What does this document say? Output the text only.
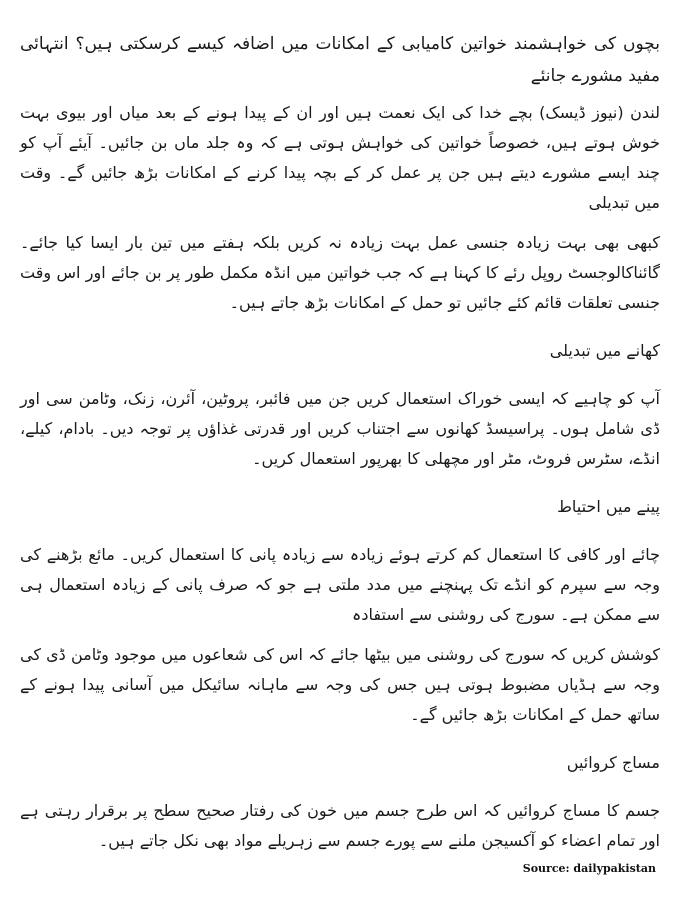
بچوں کی خواہشمند خواتین کامیابی کے امکانات میں اضافہ کیسے کرسکتی ہیں؟ انتہائی مفید مشورے جانئے

لندن (نیوز ڈیسک) بچے خدا کی ایک نعمت ہیں اور ان کے پیدا ہونے کے بعد میاں اور بیوی بہت خوش ہوتے ہیں، خصوصاً خواتین کی خواہش ہوتی ہے کہ وہ جلد ماں بن جائیں۔ آیئے آپ کو چند ایسے مشورے دیتے ہیں جن پر عمل کر کے بچہ پیدا کرنے کے امکانات بڑھ جائیں گے۔ وقت میں تبدیلی

کبھی بھی بہت زیادہ جنسی عمل بہت زیادہ نہ کریں بلکہ ہفتے میں تین بار ایسا کیا جائے۔ گائناکالوجسٹ روپل رئے کا کہنا ہے کہ جب خواتین میں انڈہ مکمل طور پر بن جائے اور اس وقت جنسی تعلقات قائم کئے جائیں تو حمل کے امکانات بڑھ جاتے ہیں۔

کھانے میں تبدیلی

آپ کو چاہیے کہ ایسی خوراک استعمال کریں جن میں فائبر، پروٹین، آئرن، زنک، وٹامن سی اور ڈی شامل ہوں۔ پراسیسڈ کھانوں سے اجتناب کریں اور قدرتی غذاؤں پر توجہ دیں۔ بادام، کیلے، انڈے، سٹرس فروٹ، مٹر اور مچھلی کا بھرپور استعمال کریں۔

پینے میں احتیاط

چائے اور کافی کا استعمال کم کرتے ہوئے زیادہ سے زیادہ پانی کا استعمال کریں۔ مائع بڑھنے کی وجہ سے سپرم کو انڈے تک پہنچنے میں مدد ملتی ہے جو کہ صرف پانی کے زیادہ استعمال ہی سے ممکن ہے۔ سورج کی روشنی سے استفادہ

کوشش کریں کہ سورج کی روشنی میں بیٹھا جائے کہ اس کی شعاعوں میں موجود وٹامن ڈی کی وجہ سے ہڈیاں مضبوط ہوتی ہیں جس کی وجہ سے ماہانہ سائیکل میں آسانی پیدا ہونے کے ساتھ حمل کے امکانات بڑھ جائیں گے۔

مساج کروائیں

جسم کا مساج کروائیں کہ اس طرح جسم میں خون کی رفتار صحیح سطح پر برقرار رہتی ہے اور تمام اعضاء کو آکسیجن ملنے سے پورے جسم سے زہریلے مواد بھی نکل جاتے ہیں۔

Source: dailypakistan
